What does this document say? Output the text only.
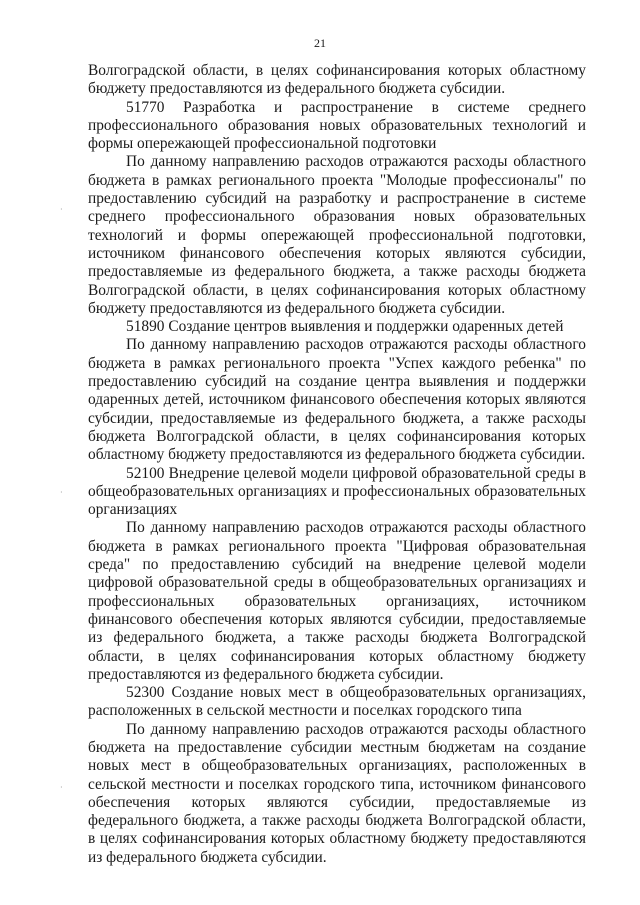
21

Волгоградской области, в целях софинансирования которых областному бюджету предоставляются из федерального бюджета субсидии.

51770 Разработка и распространение в системе среднего профессионального образования новых образовательных технологий и формы опережающей профессиональной подготовки

По данному направлению расходов отражаются расходы областного бюджета в рамках регионального проекта "Молодые профессионалы" по предоставлению субсидий на разработку и распространение в системе среднего профессионального образования новых образовательных технологий и формы опережающей профессиональной подготовки, источником финансового обеспечения которых являются субсидии, предоставляемые из федерального бюджета, а также расходы бюджета Волгоградской области, в целях софинансирования которых областному бюджету предоставляются из федерального бюджета субсидии.

51890 Создание центров выявления и поддержки одаренных детей

По данному направлению расходов отражаются расходы областного бюджета в рамках регионального проекта "Успех каждого ребенка" по предоставлению субсидий на создание центра выявления и поддержки одаренных детей, источником финансового обеспечения которых являются субсидии, предоставляемые из федерального бюджета, а также расходы бюджета Волгоградской области, в целях софинансирования которых областному бюджету предоставляются из федерального бюджета субсидии.

52100 Внедрение целевой модели цифровой образовательной среды в общеобразовательных организациях и профессиональных образовательных организациях

По данному направлению расходов отражаются расходы областного бюджета в рамках регионального проекта "Цифровая образовательная среда" по предоставлению субсидий на внедрение целевой модели цифровой образовательной среды в общеобразовательных организациях и профессиональных образовательных организациях, источником финансового обеспечения которых являются субсидии, предоставляемые из федерального бюджета, а также расходы бюджета Волгоградской области, в целях софинансирования которых областному бюджету предоставляются из федерального бюджета субсидии.

52300 Создание новых мест в общеобразовательных организациях, расположенных в сельской местности и поселках городского типа

По данному направлению расходов отражаются расходы областного бюджета на предоставление субсидии местным бюджетам на создание новых мест в общеобразовательных организациях, расположенных в сельской местности и поселках городского типа, источником финансового обеспечения которых являются субсидии, предоставляемые из федерального бюджета, а также расходы бюджета Волгоградской области, в целях софинансирования которых областному бюджету предоставляются из федерального бюджета субсидии.

·
·
·
